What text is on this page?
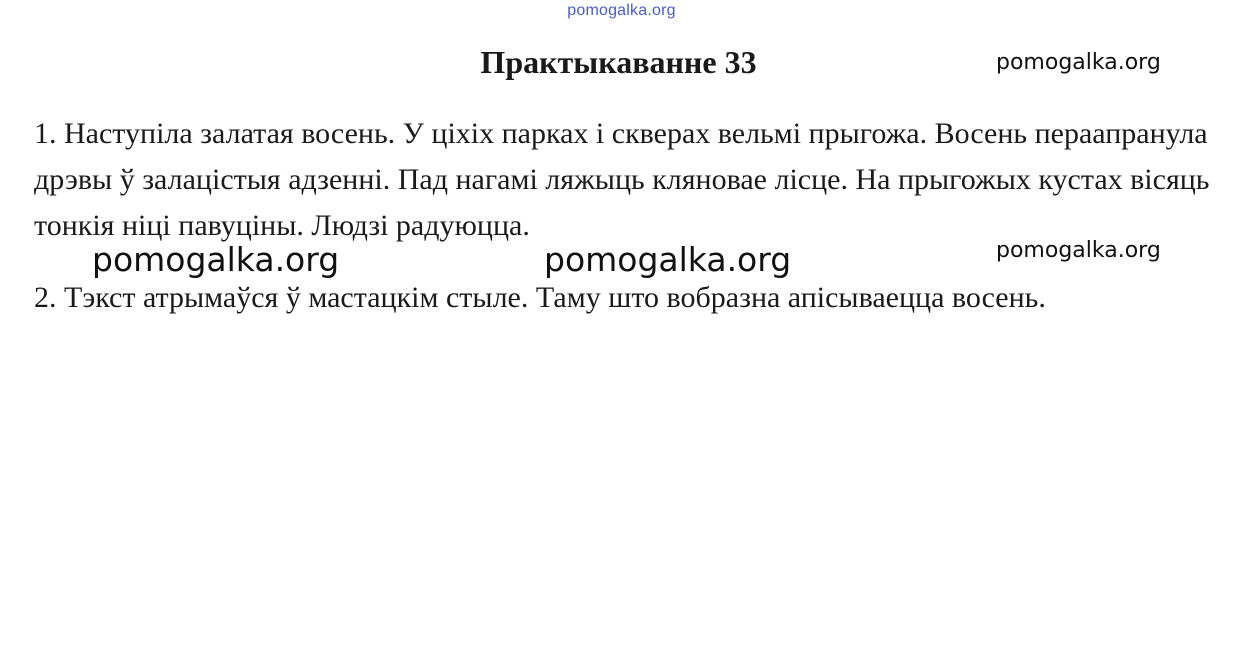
pomogalka.org
Практыкаванне 33	pomogalka.org

1. Наступіла залатая восень. У ціхіх парках і скверах вельмі прыгожа. Восень пераапранула дрэвы ў залацістыя адзенні. Пад нагамі ляжыць кляновае лісце. На прыгожых кустах вісяць тонкія ніці павуціны. Людзі радуюцца.

pomogalka.org
pomogalka.org	pomogalka.org

2. Тэкст атрымаўся ў мастацкім стылe. Таму што вобразна апісываецца восень.
